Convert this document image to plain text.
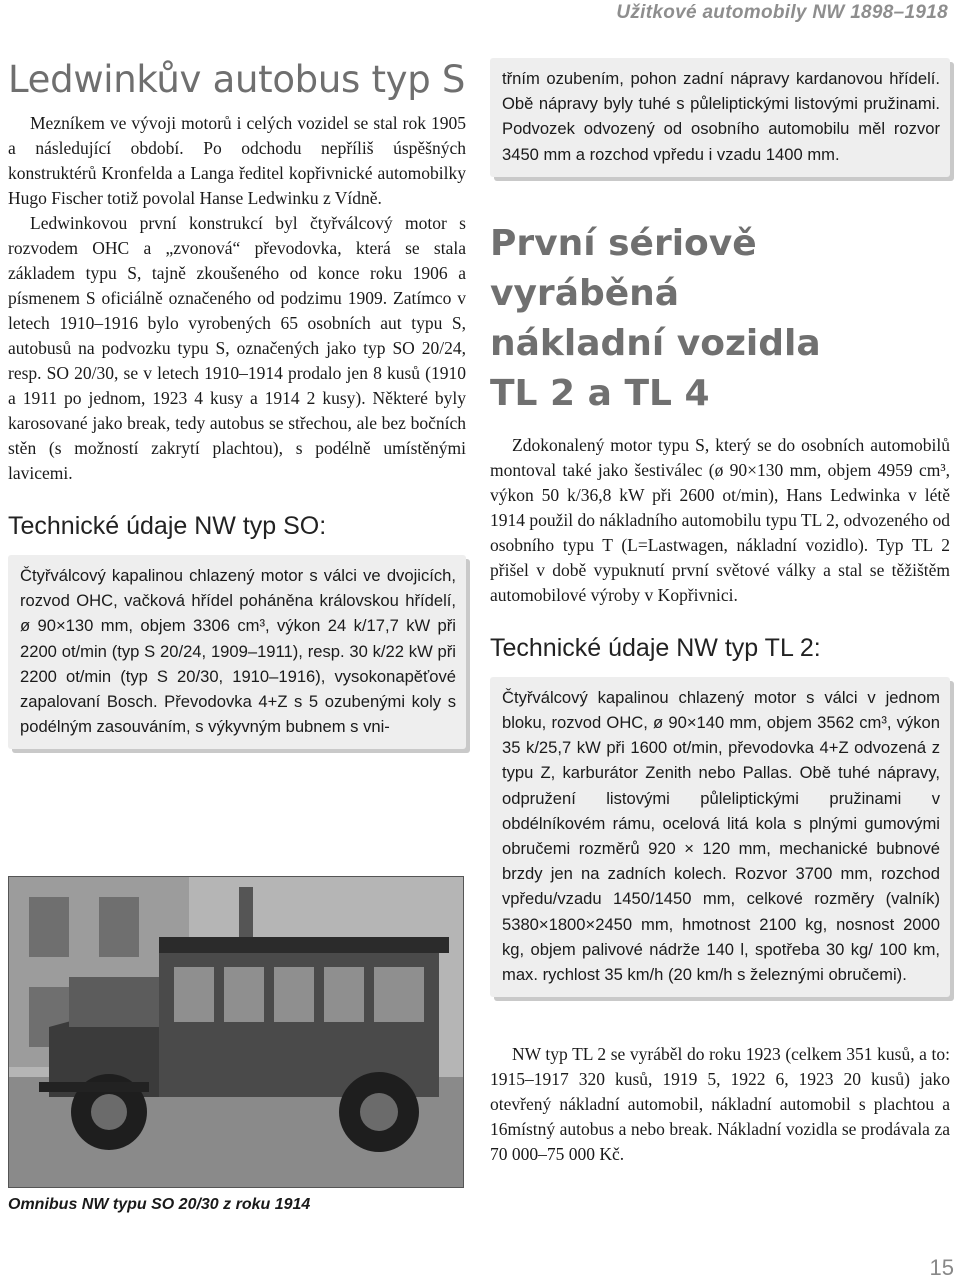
Užitkové automobily NW 1898–1918
Ledwinkův autobus typ S

Mezníkem ve vývoji motorů i celých vozidel se stal rok 1905 a následující období. Po odchodu nepříliš úspěšných konstruktérů Kronfelda a Langa ředitel kopřivnické automobilky Hugo Fischer totiž povolal Hanse Ledwinku z Vídně.

Ledwinkovou první konstrukcí byl čtyřválcový motor s rozvodem OHC a „zvonová“ převodovka, která se stala základem typu S, tajně zkoušeného od konce roku 1906 a písmenem S oficiálně označeného od podzimu 1909. Zatímco v letech 1910–1916 bylo vyrobených 65 osobních aut typu S, autobusů na podvozku typu S, označených jako typ SO 20/24, resp. SO 20/30, se v letech 1910–1914 prodalo jen 8 kusů (1910 a 1911 po jednom, 1923 4 kusy a 1914 2 kusy). Některé byly karosované jako break, tedy autobus se střechou, ale bez bočních stěn (s možností zakrytí plachtou), s podélně umístěnými lavicemi.

Technické údaje NW typ SO:
Čtyřválcový kapalinou chlazený motor s válci ve dvojicích, rozvod OHC, vačková hřídel poháněna královskou hřídelí, ø 90×130 mm, objem 3306 cm³, výkon 24 k/17,7 kW při 2200 ot/min (typ S 20/24, 1909–1911), resp. 30 k/22 kW při 2200 ot/min (typ S 20/30, 1910–1916), vysokonapěťové zapalovaní Bosch. Převodovka 4+Z s 5 ozubenými koly s podélným zasouváním, s výkyvným bubnem s vni-
Omnibus NW typu SO 20/30 z roku 1914
třním ozubením, pohon zadní nápravy kardanovou hřídelí. Obě nápravy byly tuhé s půleliptickými listovými pružinami. Podvozek odvozený od osobního automobilu měl rozvor 3450 mm a rozchod vpředu i vzadu 1400 mm.
První sériově vyráběná
nákladní vozidla
TL 2 a TL 4

Zdokonalený motor typu S, který se do osobních automobilů montoval také jako šestiválec (ø 90×130 mm, objem 4959 cm³, výkon 50 k/36,8 kW při 2600 ot/min), Hans Ledwinka v létě 1914 použil do nákladního automobilu typu TL 2, odvozeného od osobního typu T (L=Lastwagen, nákladní vozidlo). Typ TL 2 přišel v době vypuknutí první světové války a stal se těžištěm automobilové výroby v Kopřivnici.

Technické údaje NW typ TL 2:
Čtyřválcový kapalinou chlazený motor s válci v jednom bloku, rozvod OHC, ø 90×140 mm, objem 3562 cm³, výkon 35 k/25,7 kW při 1600 ot/min, převodovka 4+Z odvozená z typu Z, karburátor Zenith nebo Pallas. Obě tuhé nápravy, odpružení listovými půleliptickými pružinami v obdélníkovém rámu, ocelová litá kola s plnými gumovými obručemi rozměrů 920 × 120 mm, mechanické bubnové brzdy jen na zadních kolech. Rozvor 3700 mm, rozchod vpředu/vzadu 1450/1450 mm, celkové rozměry (valník) 5380×1800×2450 mm, hmotnost 2100 kg, nosnost 2000 kg, objem palivové nádrže 140 l, spotřeba 30 kg/ 100 km, max. rychlost 35 km/h (20 km/h s železnými obručemi).

NW typ TL 2 se vyráběl do roku 1923 (celkem 351 kusů, a to: 1915–1917 320 kusů, 1919 5, 1922 6, 1923 20 kusů) jako otevřený nákladní automobil, nákladní automobil s plachtou a 16místný autobus a nebo break. Nákladní vozidla se prodávala za 70 000–75 000 Kč.

15
